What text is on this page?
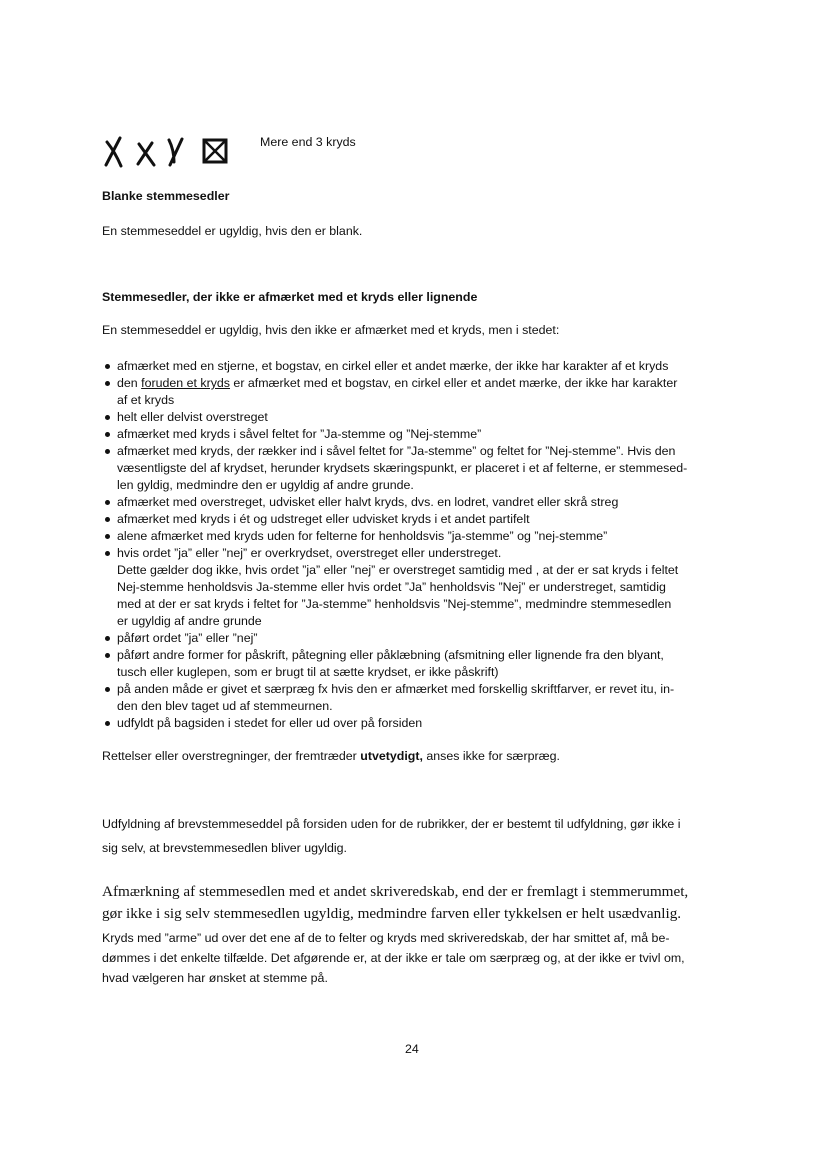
Mere end 3 kryds
Blanke stemmesedler
En stemmeseddel er ugyldig, hvis den er blank.
Stemmesedler, der ikke er afmærket med et kryds eller lignende
En stemmeseddel er ugyldig, hvis den ikke er afmærket med et kryds, men i stedet:
afmærket med en stjerne, et bogstav, en cirkel eller et andet mærke, der ikke har karakter af et kryds
den foruden et kryds er afmærket med et bogstav, en cirkel eller et andet mærke, der ikke har karakter
af et kryds
helt eller delvist overstreget
afmærket med kryds i såvel feltet for ”Ja-stemme og ”Nej-stemme”
afmærket med kryds, der rækker ind i såvel feltet for ”Ja-stemme” og feltet for ”Nej-stemme”. Hvis den
væsentligste del af krydset, herunder krydsets skæringspunkt, er placeret i et af felterne, er stemmesed-
len gyldig, medmindre den er ugyldig af andre grunde.
afmærket med overstreget, udvisket eller halvt kryds, dvs. en lodret, vandret eller skrå streg
afmærket med kryds i ét og udstreget eller udvisket kryds i et andet partifelt
alene afmærket med kryds uden for felterne for henholdsvis ”ja-stemme” og ”nej-stemme”
hvis ordet ”ja” eller ”nej” er overkrydset, overstreget eller understreget.
Dette gælder dog ikke, hvis ordet ”ja” eller ”nej” er overstreget samtidig med , at der er sat kryds i feltet
Nej-stemme henholdsvis Ja-stemme eller hvis ordet ”Ja” henholdsvis ”Nej” er understreget, samtidig
med at der er sat kryds i feltet for ”Ja-stemme” henholdsvis ”Nej-stemme”, medmindre stemmesedlen
er ugyldig af andre grunde
påført ordet ”ja” eller ”nej”
påført andre former for påskrift, påtegning eller påklæbning (afsmitning eller lignende fra den blyant,
tusch eller kuglepen, som er brugt til at sætte krydset, er ikke påskrift)
på anden måde er givet et særpræg fx hvis den er afmærket med forskellig skriftfarver, er revet itu, in-
den den blev taget ud af stemmeurnen.
udfyldt på bagsiden i stedet for eller ud over på forsiden
Rettelser eller overstregninger, der fremtræder utvetydigt, anses ikke for særpræg.
Udfyldning af brevstemmeseddel på forsiden uden for de rubrikker, der er bestemt til udfyldning, gør ikke i
sig selv, at brevstemmesedlen bliver ugyldig.
Afmærkning af stemmesedlen med et andet skriveredskab, end der er fremlagt i stemmerummet,
gør ikke i sig selv stemmesedlen ugyldig, medmindre farven eller tykkelsen er helt usædvanlig.
Kryds med ”arme” ud over det ene af de to felter og kryds med skriveredskab, der har smittet af, må be-
dømmes i det enkelte tilfælde. Det afgørende er, at der ikke er tale om særpræg og, at der ikke er tvivl om,
hvad vælgeren har ønsket at stemme på.
24
